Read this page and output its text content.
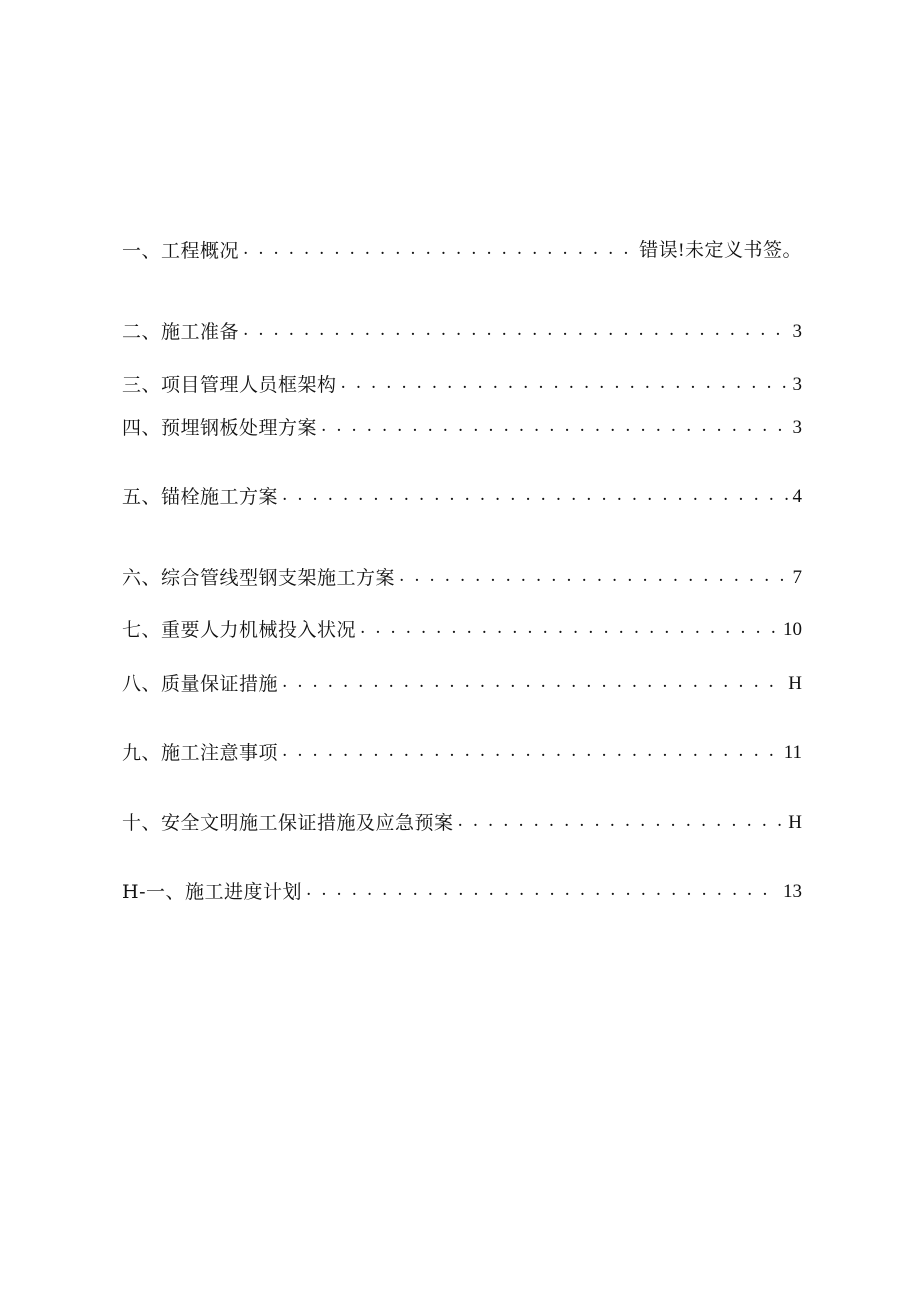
一、工程概况 . . .	错误!未定义书签。
二、施工准备 . . .	3
三、项目管理人员框架构 . . .	3
四、预埋钢板处理方案 . . .	3
五、锚栓施工方案 . . .	4
六、综合管线型钢支架施工方案 . . .	7
七、重要人力机械投入状况 . . .	10
八、质量保证措施 . . .	H
九、施工注意事项 . . .	11
十、安全文明施工保证措施及应急预案 . . .	H
H-一、施工进度计划 . . .	13
